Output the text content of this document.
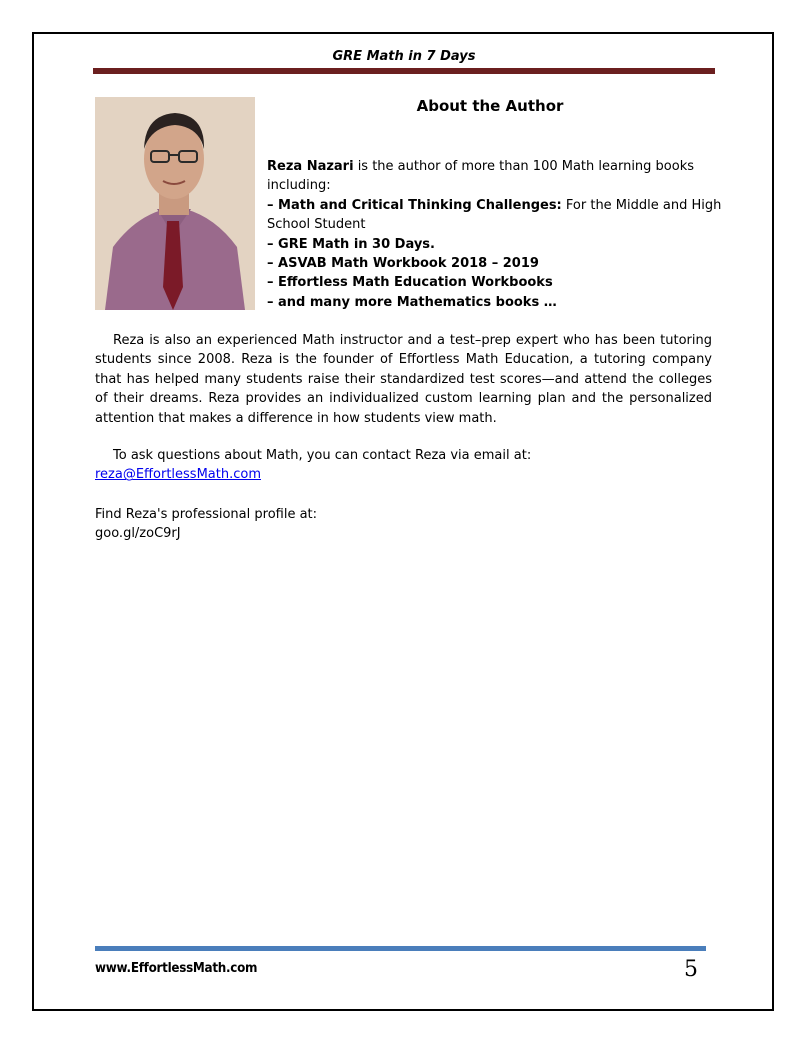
GRE Math in 7 Days
About the Author
Reza Nazari is the author of more than 100 Math learning books
including:
– Math and Critical Thinking Challenges: For the Middle and High
School Student
– GRE Math in 30 Days.
– ASVAB Math Workbook 2018 – 2019
– Effortless Math Education Workbooks
– and many more Mathematics books …
Reza is also an experienced Math instructor and a test–prep expert who has been tutoring students since 2008. Reza is the founder of Effortless Math Education, a tutoring company that has helped many students raise their standardized test scores—and attend the colleges of their dreams. Reza provides an individualized custom learning plan and the personalized attention that makes a difference in how students view math.
To ask questions about Math, you can contact Reza via email at:
reza@EffortlessMath.com
Find Reza's professional profile at:
goo.gl/zoC9rJ
www.EffortlessMath.com	5
